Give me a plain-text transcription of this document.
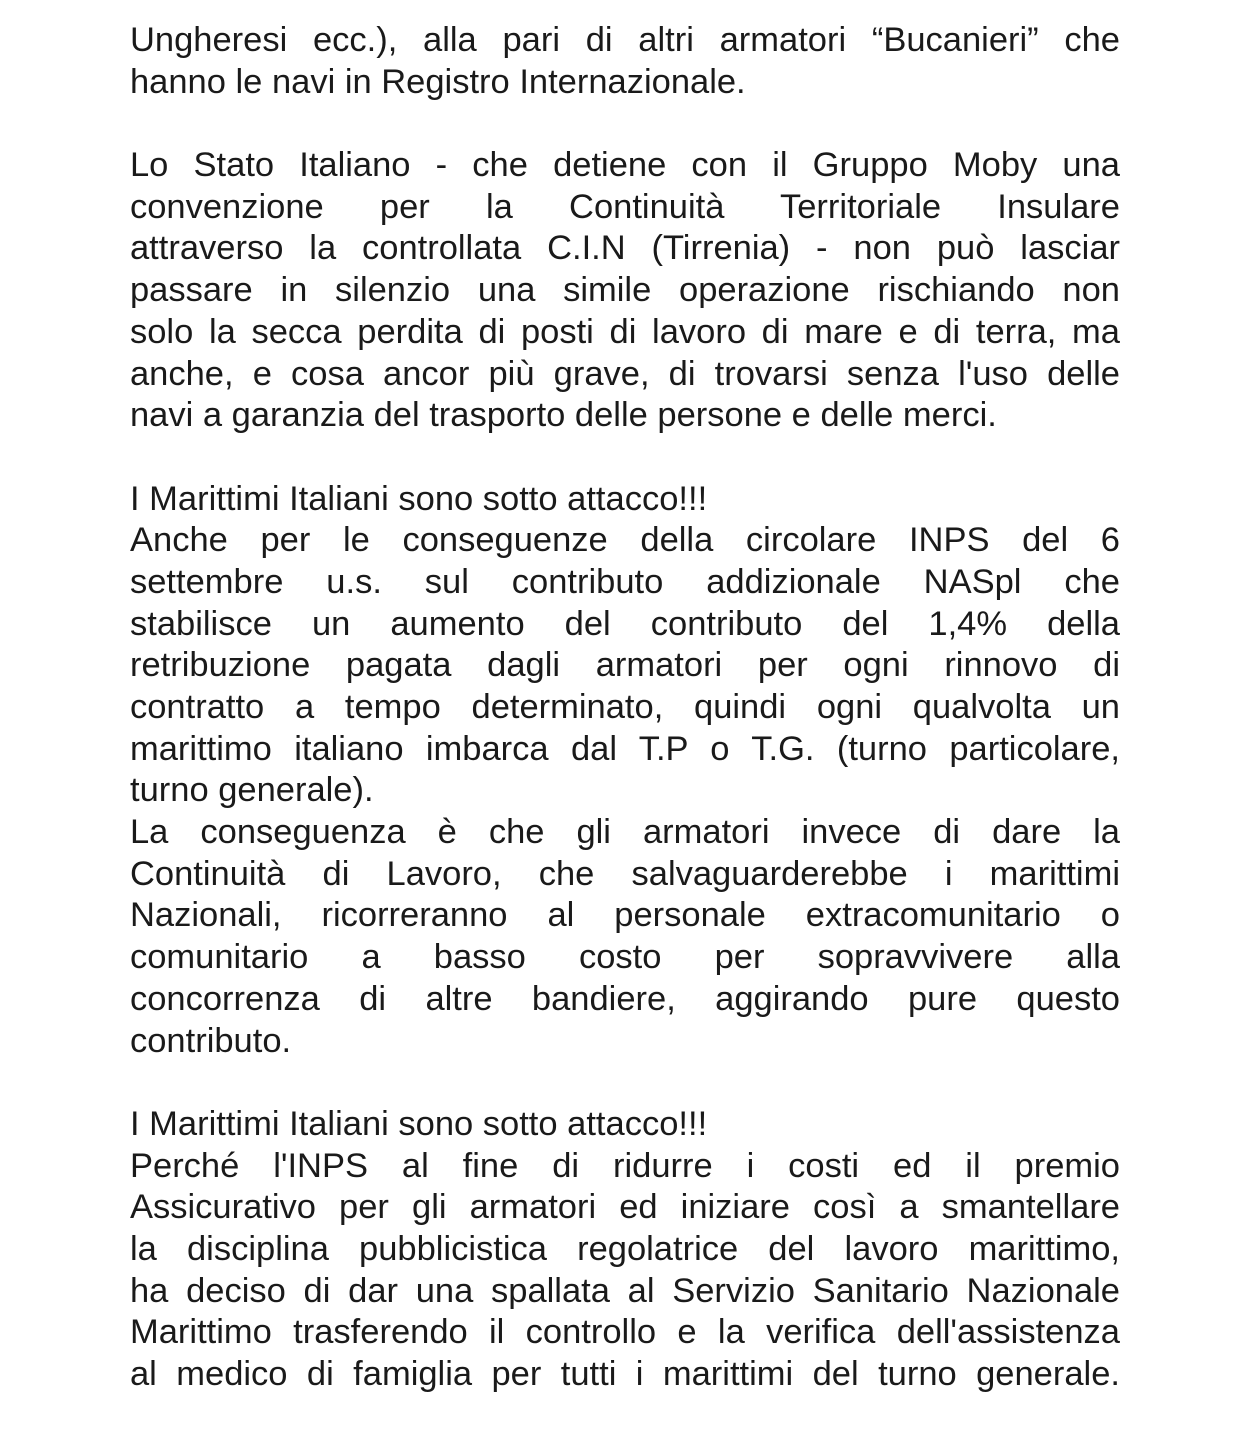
Ungheresi ecc.), alla pari di altri armatori “Bucanieri” che
hanno le navi in Registro Internazionale.
Lo Stato Italiano - che detiene con il Gruppo Moby una
convenzione per la Continuità Territoriale Insulare
attraverso la controllata C.I.N (Tirrenia) - non può lasciar
passare in silenzio una simile operazione rischiando non
solo la secca perdita di posti di lavoro di mare e di terra, ma
anche, e cosa ancor più grave, di trovarsi senza l'uso delle
navi a garanzia del trasporto delle persone e delle merci.
I Marittimi Italiani sono sotto attacco!!!
Anche per le conseguenze della circolare INPS del 6
settembre u.s. sul contributo addizionale NASpl che
stabilisce un aumento del contributo del 1,4% della
retribuzione pagata dagli armatori per ogni rinnovo di
contratto a tempo determinato, quindi ogni qualvolta un
marittimo italiano imbarca dal T.P o T.G. (turno particolare,
turno generale).
La conseguenza è che gli armatori invece di dare la
Continuità di Lavoro, che salvaguarderebbe i marittimi
Nazionali, ricorreranno al personale extracomunitario o
comunitario a basso costo per sopravvivere alla
concorrenza di altre bandiere, aggirando pure questo
contributo.
I Marittimi Italiani sono sotto attacco!!!
Perché l'INPS al fine di ridurre i costi ed il premio
Assicurativo per gli armatori ed iniziare così a smantellare
la disciplina pubblicistica regolatrice del lavoro marittimo,
ha deciso di dar una spallata al Servizio Sanitario Nazionale
Marittimo trasferendo il controllo e la verifica dell'assistenza
al medico di famiglia per tutti i marittimi del turno generale.
